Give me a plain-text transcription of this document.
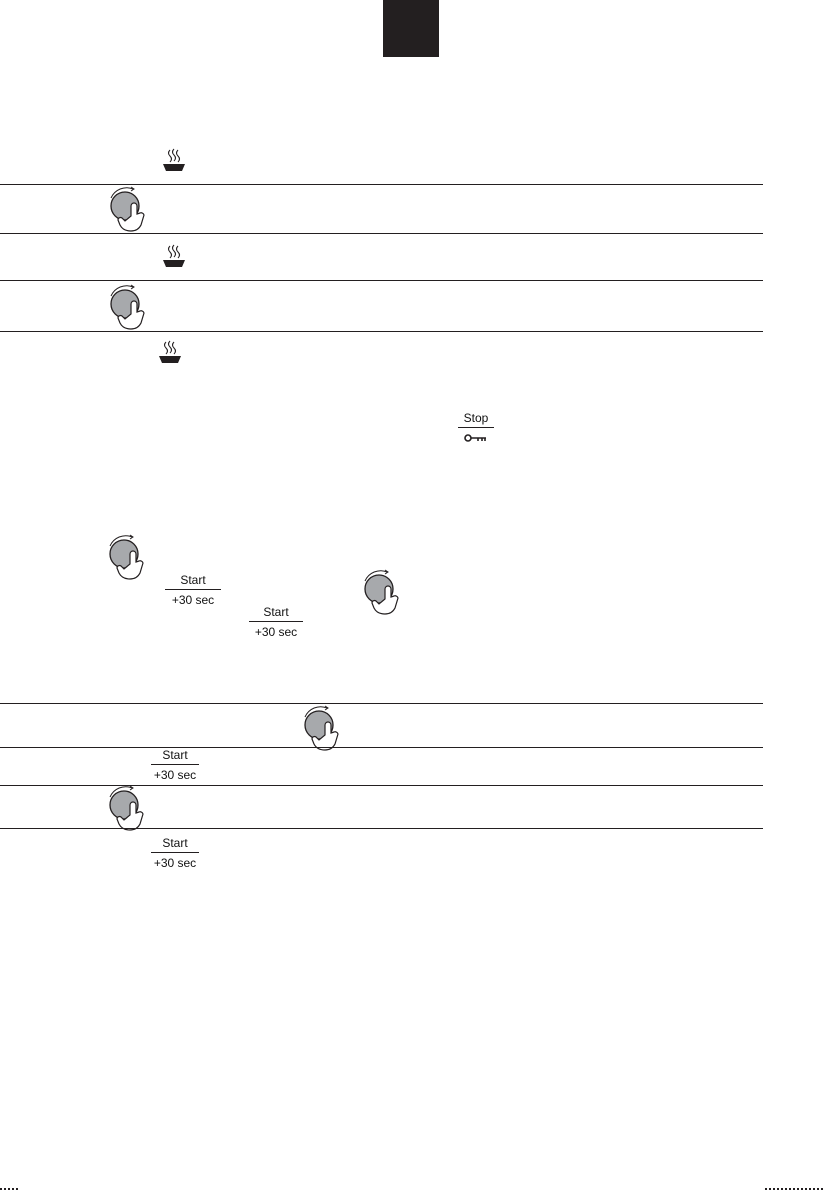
Stop
Start
+30 sec
Start
+30 sec
Start
+30 sec
Start
+30 sec
